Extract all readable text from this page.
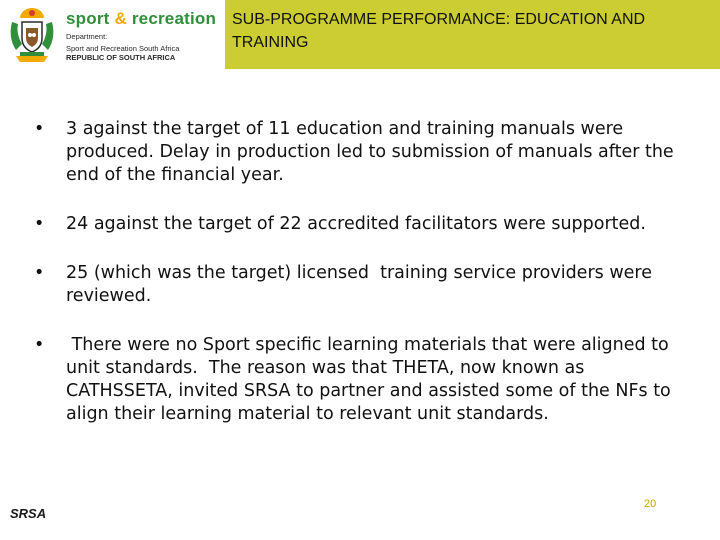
sport & recreation
Department:
Sport and Recreation South Africa
REPUBLIC OF SOUTH AFRICA
SUB-PROGRAMME PERFORMANCE: EDUCATION AND TRAINING
• 3 against the target of 11 education and training manuals were produced. Delay in production led to submission of manuals after the end of the financial year.
• 24 against the target of 22 accredited facilitators were supported.
• 25 (which was the target) licensed  training service providers were reviewed.
• There were no Sport specific learning materials that were aligned to unit standards.  The reason was that THETA, now known as CATHSSETA, invited SRSA to partner and assisted some of the NFs to align their learning material to relevant unit standards.
SRSA
20
